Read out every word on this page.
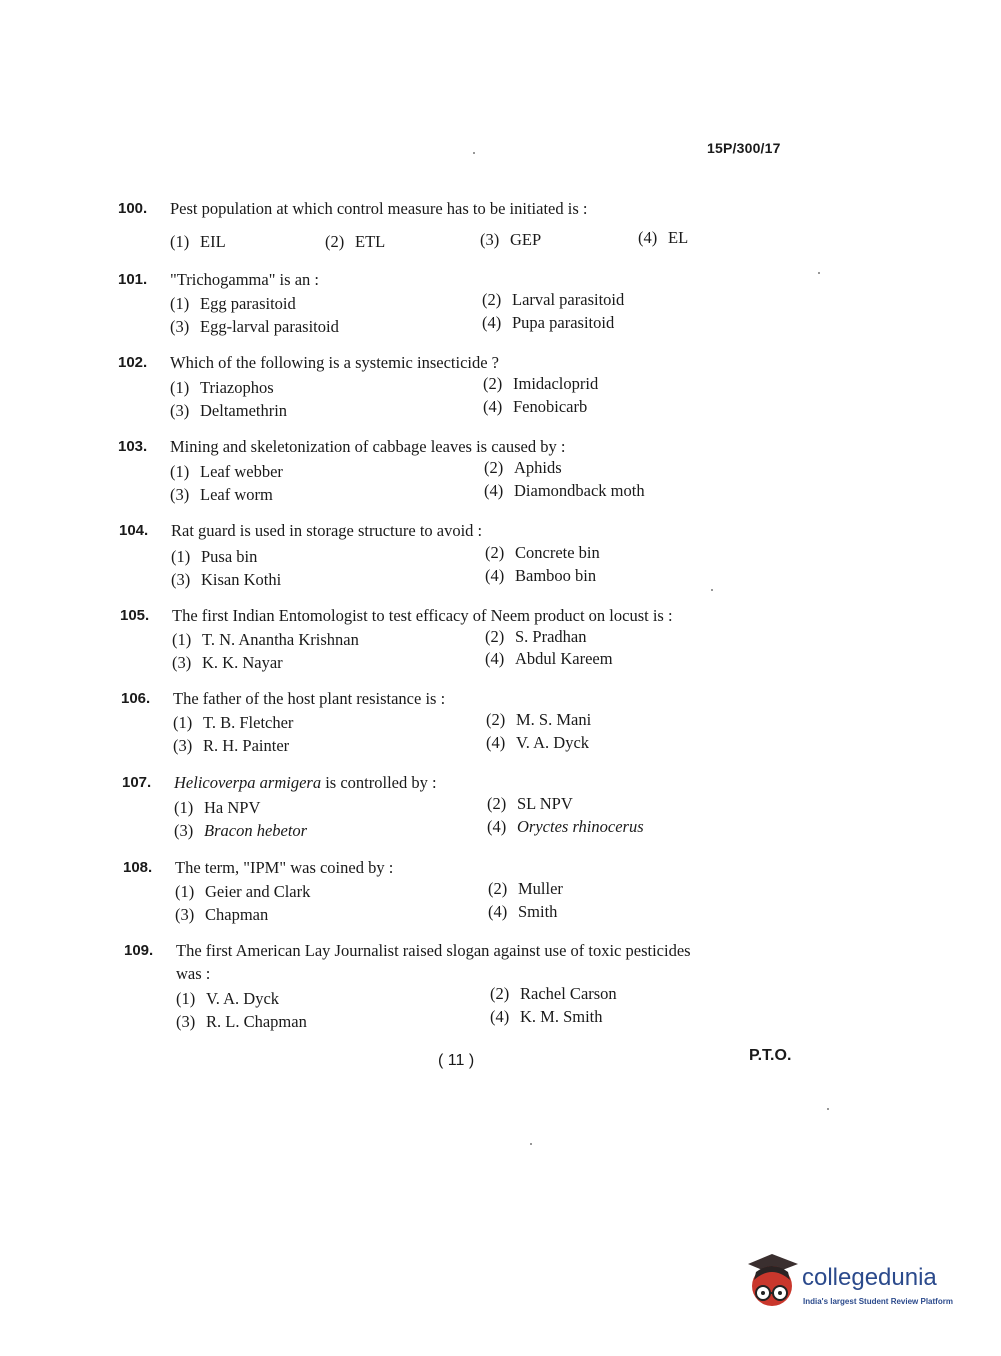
15P/300/17
100. Pest population at which control measure has to be initiated is :
(1) EIL	(2) ETL	(3) GEP	(4) EL
101. "Trichogamma" is an :
(1) Egg parasitoid	(2) Larval parasitoid
(3) Egg-larval parasitoid	(4) Pupa parasitoid
102. Which of the following is a systemic insecticide ?
(1) Triazophos	(2) Imidacloprid
(3) Deltamethrin	(4) Fenobicarb
103. Mining and skeletonization of cabbage leaves is caused by :
(1) Leaf webber	(2) Aphids
(3) Leaf worm	(4) Diamondback moth
104. Rat guard is used in storage structure to avoid :
(1) Pusa bin	(2) Concrete bin
(3) Kisan Kothi	(4) Bamboo bin
105. The first Indian Entomologist to test efficacy of Neem product on locust is :
(1) T. N. Anantha Krishnan	(2) S. Pradhan
(3) K. K. Nayar	(4) Abdul Kareem
106. The father of the host plant resistance is :
(1) T. B. Fletcher	(2) M. S. Mani
(3) R. H. Painter	(4) V. A. Dyck
107. Helicoverpa armigera is controlled by :
(1) Ha NPV	(2) SL NPV
(3) Bracon hebetor	(4) Oryctes rhinocerus
108. The term, "IPM" was coined by :
(1) Geier and Clark	(2) Muller
(3) Chapman	(4) Smith
109. The first American Lay Journalist raised slogan against use of toxic pesticides
was :
(1) V. A. Dyck	(2) Rachel Carson
(3) R. L. Chapman	(4) K. M. Smith
( 11 )	P.T.O.
collegedunia
India's largest Student Review Platform
